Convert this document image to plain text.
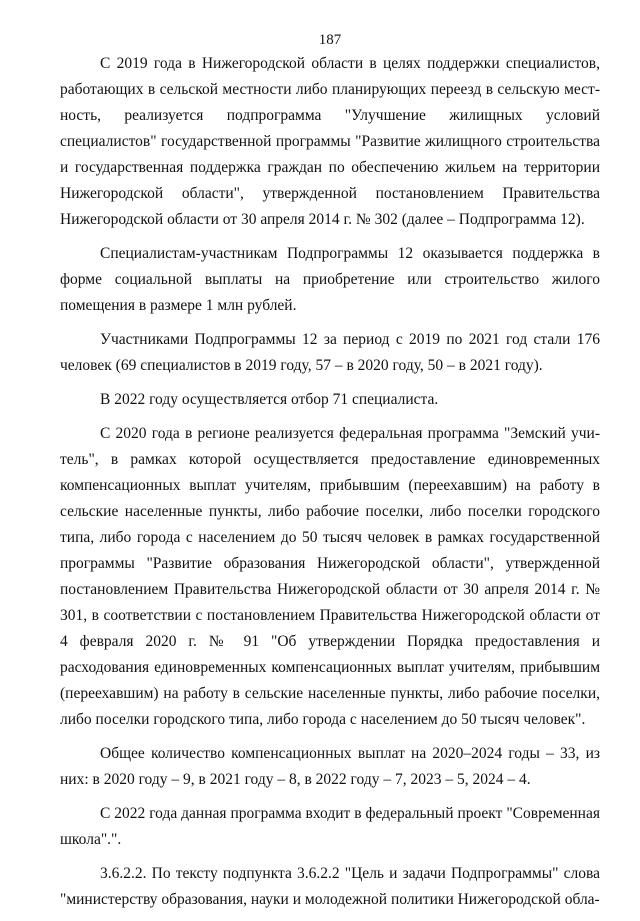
187

С 2019 года в Нижегородской области в целях поддержки специалистов, работающих в сельской местности либо планирующих переезд в сельскую местность, реализуется подпрограмма "Улучшение жилищных условий специалистов" государственной программы "Развитие жилищного строительства и государственная поддержка граждан по обеспечению жильем на территории Нижегородской области", утвержденной постановлением Правительства Нижегородской области от 30 апреля 2014 г. № 302 (далее – Подпрограмма 12).

Специалистам-участникам Подпрограммы 12 оказывается поддержка в форме социальной выплаты на приобретение или строительство жилого помещения в размере 1 млн рублей.

Участниками Подпрограммы 12 за период с 2019 по 2021 год стали 176 человек (69 специалистов в 2019 году, 57 – в 2020 году, 50 – в 2021 году).

В 2022 году осуществляется отбор 71 специалиста.

С 2020 года в регионе реализуется федеральная программа "Земский учитель", в рамках которой осуществляется предоставление единовременных компенсационных выплат учителям, прибывшим (переехавшим) на работу в сельские населенные пункты, либо рабочие поселки, либо поселки городского типа, либо города с населением до 50 тысяч человек в рамках государственной программы "Развитие образования Нижегородской области", утвержденной постановлением Правительства Нижегородской области от 30 апреля 2014 г. № 301, в соответствии с постановлением Правительства Нижегородской области от 4 февраля 2020 г. № 91 "Об утверждении Порядка предоставления и расходования единовременных компенсационных выплат учителям, прибывшим (переехавшим) на работу в сельские населенные пункты, либо рабочие поселки, либо поселки городского типа, либо города с населением до 50 тысяч человек".

Общее количество компенсационных выплат на 2020–2024 годы – 33, из них: в 2020 году – 9, в 2021 году – 8, в 2022 году – 7, 2023 – 5, 2024 – 4.

С 2022 года данная программа входит в федеральный проект "Современная школа".".

3.6.2.2. По тексту подпункта 3.6.2.2 "Цель и задачи Подпрограммы" слова "министерству образования, науки и молодежной политики Нижегородской обла-
